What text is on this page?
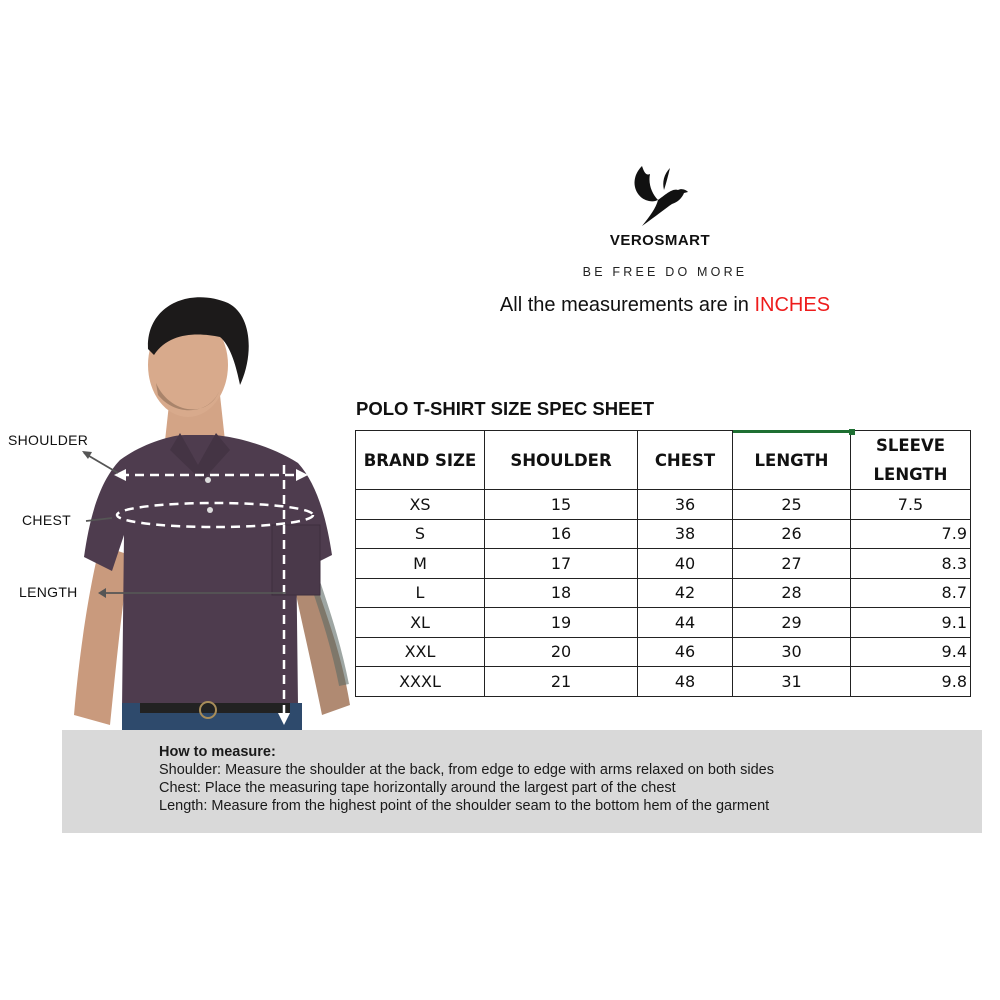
VEROSMART
BE FREE DO MORE
All the measurements are in INCHES
SHOULDER
CHEST
LENGTH
POLO T-SHIRT SIZE SPEC SHEET
BRAND SIZE	SHOULDER	CHEST	LENGTH	SLEEVE
LENGTH
XS	15	36	25	7.5
S	16	38	26	7.9
M	17	40	27	8.3
L	18	42	28	8.7
XL	19	44	29	9.1
XXL	20	46	30	9.4
XXXL	21	48	31	9.8
How to measure:
Shoulder: Measure the shoulder at the back, from edge to edge with arms relaxed on both sides
Chest: Place the measuring tape horizontally around the largest part of the chest
Length: Measure from the highest point of the shoulder seam to the bottom hem of the garment
